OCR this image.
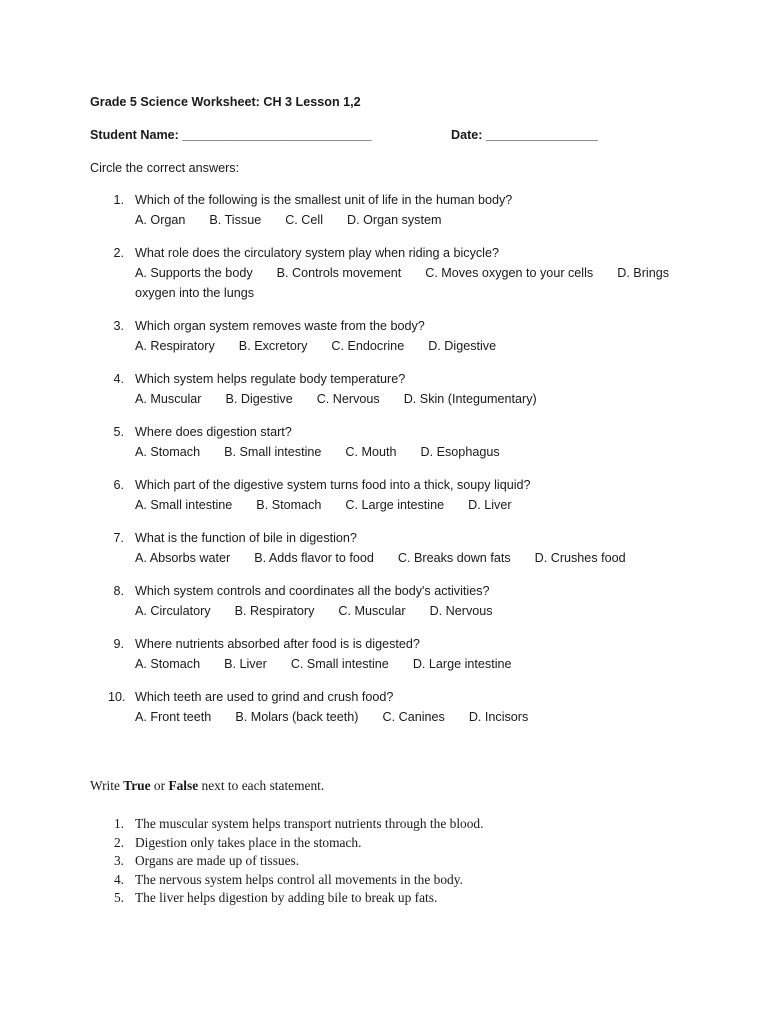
Grade 5 Science Worksheet: CH 3 Lesson 1,2
Student Name: ___________________________	Date: ________________
Circle the correct answers:
1. Which of the following is the smallest unit of life in the human body?
A. Organ B. Tissue C. Cell D. Organ system
2. What role does the circulatory system play when riding a bicycle?
A. Supports the body B. Controls movement C. Moves oxygen to your cells D. Brings
oxygen into the lungs
3. Which organ system removes waste from the body?
A. Respiratory B. Excretory C. Endocrine D. Digestive
4. Which system helps regulate body temperature?
A. Muscular B. Digestive C. Nervous D. Skin (Integumentary)
5. Where does digestion start?
A. Stomach B. Small intestine C. Mouth D. Esophagus
6. Which part of the digestive system turns food into a thick, soupy liquid?
A. Small intestine B. Stomach C. Large intestine D. Liver
7. What is the function of bile in digestion?
A. Absorbs water B. Adds flavor to food C. Breaks down fats D. Crushes food
8. Which system controls and coordinates all the body's activities?
A. Circulatory B. Respiratory C. Muscular D. Nervous
9. Where nutrients absorbed after food is is digested?
A. Stomach B. Liver C. Small intestine D. Large intestine
10. Which teeth are used to grind and crush food?
A. Front teeth B. Molars (back teeth) C. Canines D. Incisors
Write True or False next to each statement.
1. The muscular system helps transport nutrients through the blood.
2. Digestion only takes place in the stomach.
3. Organs are made up of tissues.
4. The nervous system helps control all movements in the body.
5. The liver helps digestion by adding bile to break up fats.
